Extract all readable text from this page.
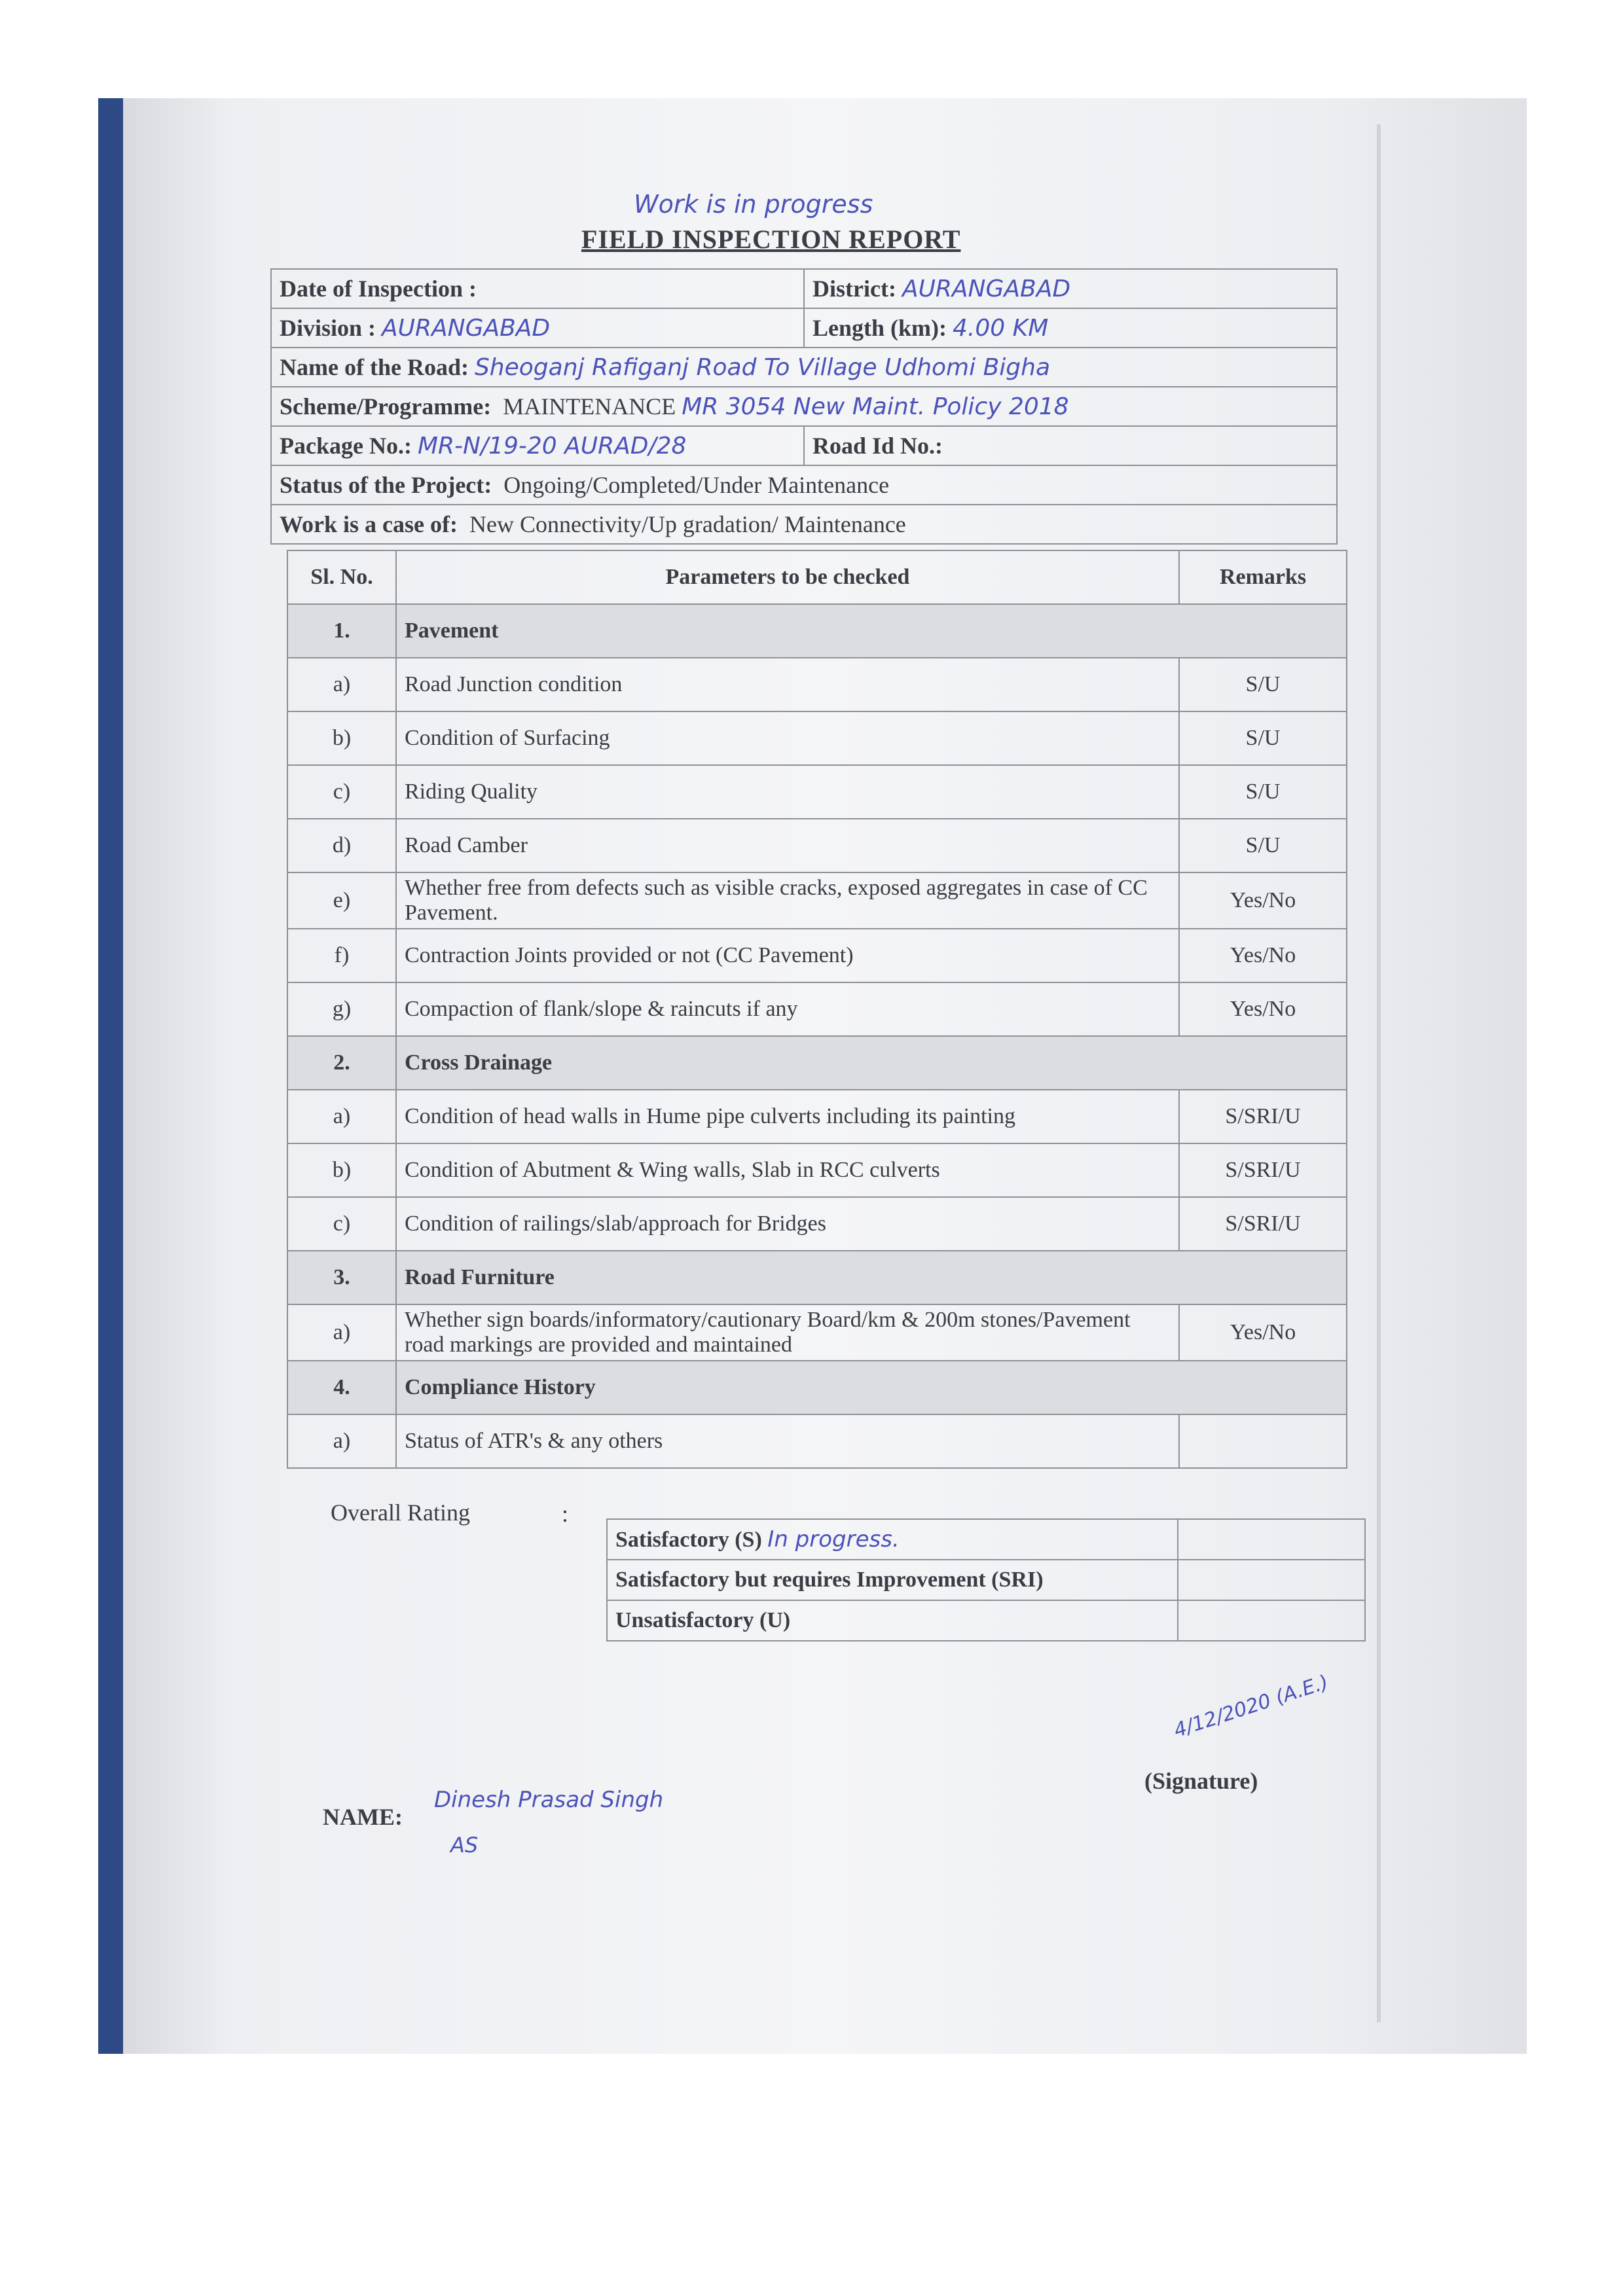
Work is in progress
FIELD INSPECTION REPORT
Date of Inspection :	District: AURANGABAD
Division : AURANGABAD	Length (km): 4.00 KM
Name of the Road: Sheoganj Rafiganj Road To Village Udhomi Bigha	
Scheme/Programme: MAINTENANCE MR 3054 New Maint. Policy 2018	
Package No.: MR-N/19-20 AURAD/28	Road Id No.:
Status of the Project: Ongoing/Completed/Under Maintenance	
Work is a case of: New Connectivity/Up gradation/ Maintenance	
Sl. No.	Parameters to be checked	Remarks
1.	Pavement	
a)	Road Junction condition	S/U
b)	Condition of Surfacing	S/U
c)	Riding Quality	S/U
d)	Road Camber	S/U
e)	Whether free from defects such as visible cracks, exposed aggregates in case of CC Pavement.	Yes/No
f)	Contraction Joints provided or not (CC Pavement)	Yes/No
g)	Compaction of flank/slope & raincuts if any	Yes/No
2.	Cross Drainage	
a)	Condition of head walls in Hume pipe culverts including its painting	S/SRI/U
b)	Condition of Abutment & Wing walls, Slab in RCC culverts	S/SRI/U
c)	Condition of railings/slab/approach for Bridges	S/SRI/U
3.	Road Furniture	
a)	Whether sign boards/informatory/cautionary Board/km & 200m stones/Pavement road markings are provided and maintained	Yes/No
4.	Compliance History	
a)	Status of ATR's & any others	
Overall Rating	:
Satisfactory (S) In progress.	
Satisfactory but requires Improvement (SRI)	
Unsatisfactory (U)	
4/12/2020 (A.E.)
(Signature)
NAME:
Dinesh Prasad Singh
AS
